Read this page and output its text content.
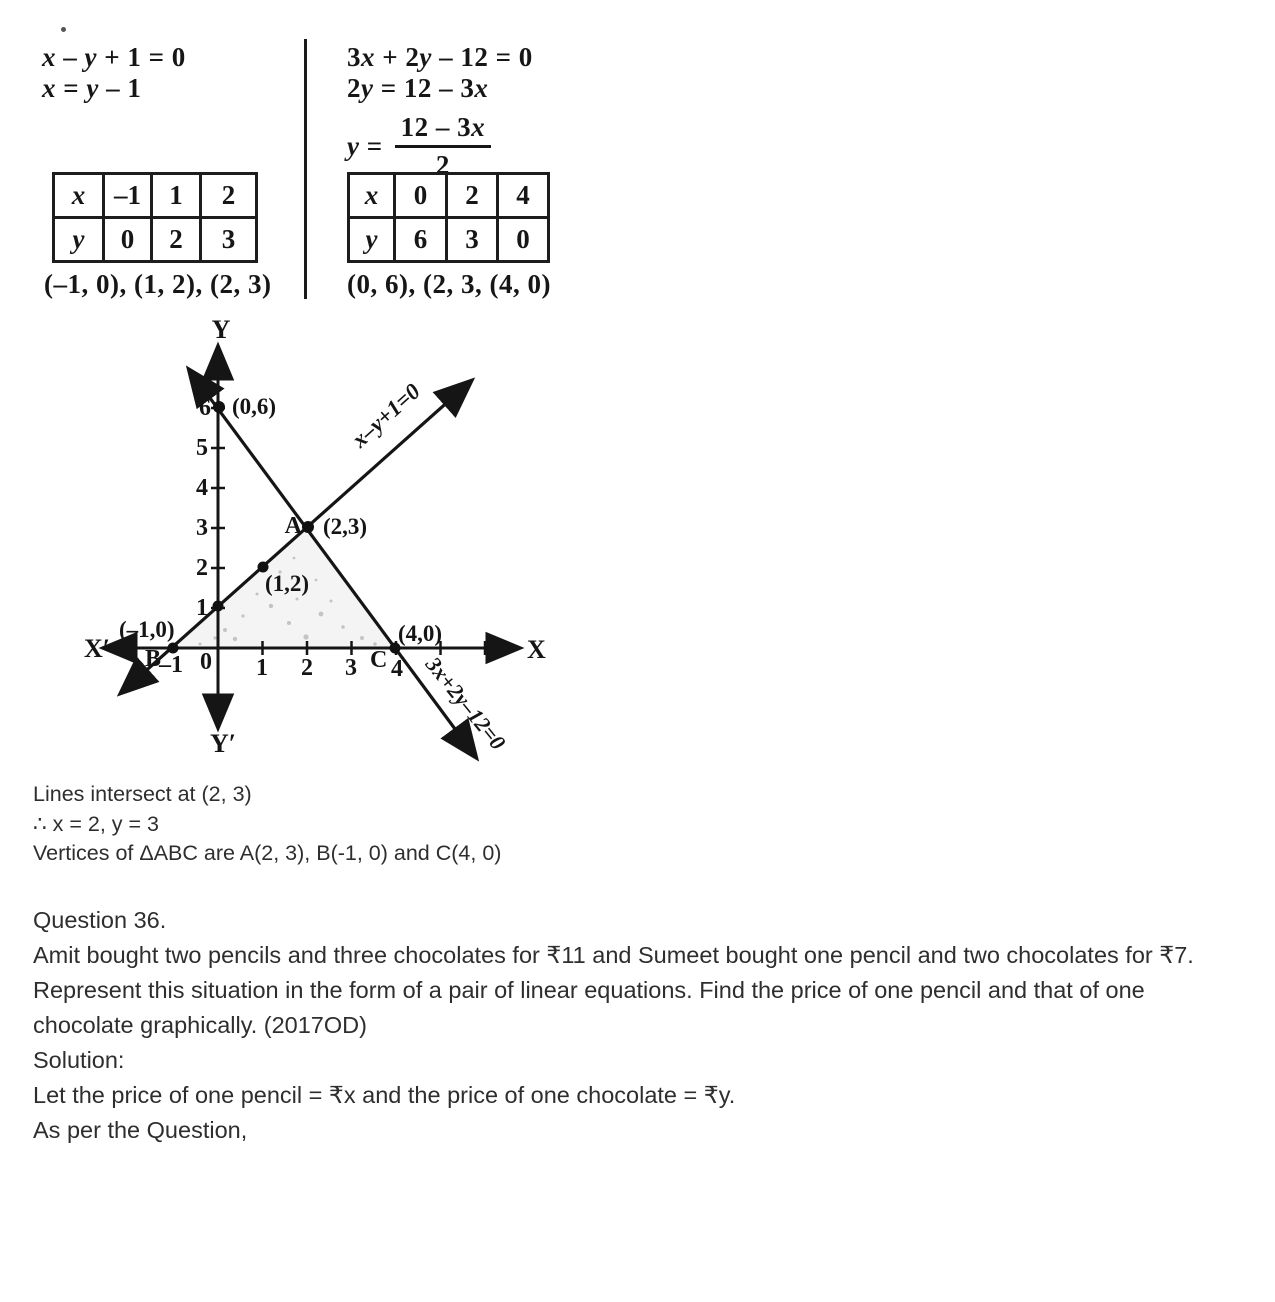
x – y + 1 = 0
x = y – 1
3x + 2y – 12 = 0
2y = 12 – 3x
$y = \frac{12 - 3x}{2}$
x	–1	1	2
y	0	2	3
x	0	2	4
y	6	3	0
(–1, 0), (1, 2), (2, 3)	(0, 6), (2, 3, (4, 0)
Y
Y′
X′	X
–1 0 1 2 3 4
1
2
3
4
5
6 (0,6)
A (2,3)
(1,2)
(–1,0)
B	C
(4,0)
x–y+1=0
3x+2y–12=0
Lines intersect at (2, 3)
∴ x = 2, y = 3
Vertices of ΔABC are A(2, 3), B(-1, 0) and C(4, 0)
Question 36.
Amit bought two pencils and three chocolates for ₹11 and Sumeet bought one pencil and two chocolates for ₹7.
Represent this situation in the form of a pair of linear equations. Find the price of one pencil and that of one
chocolate graphically. (2017OD)
Solution:
Let the price of one pencil = ₹x and the price of one chocolate = ₹y.
As per the Question,
